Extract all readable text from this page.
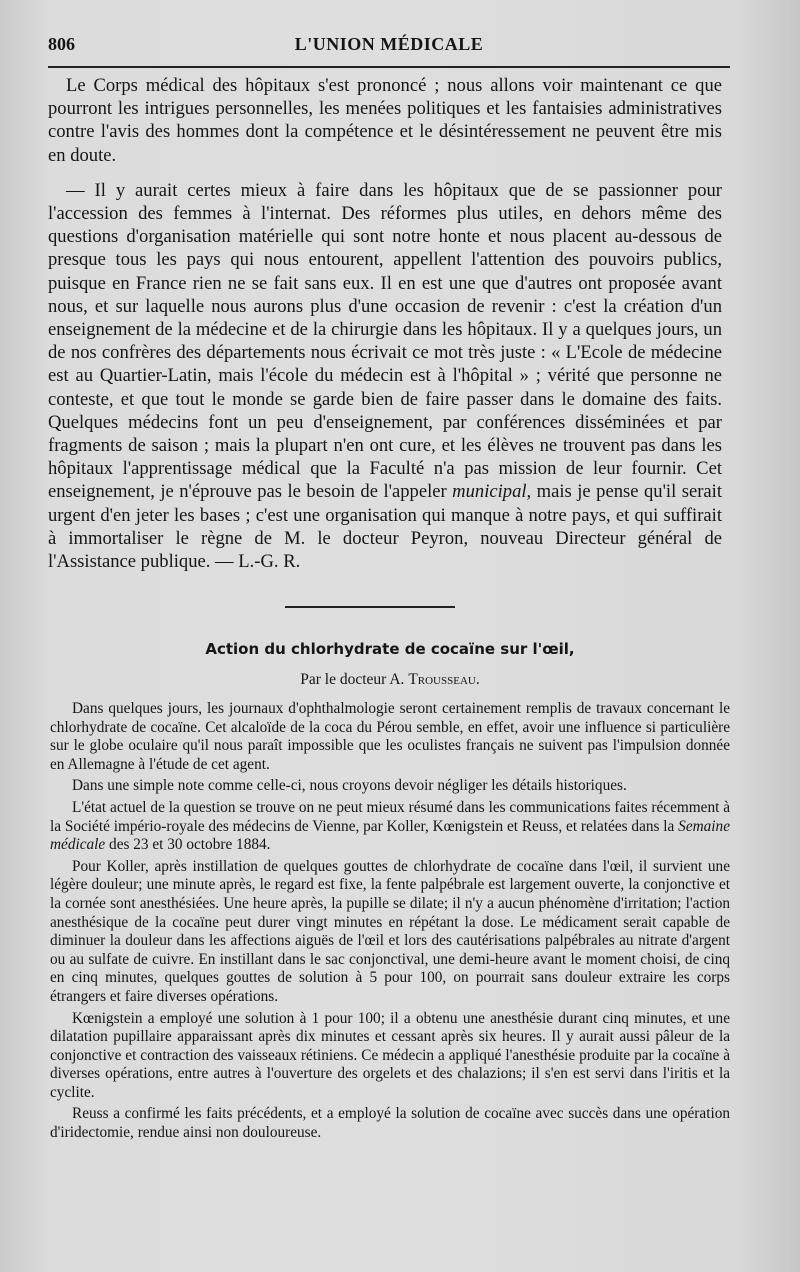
806	L'UNION MÉDICALE

Le Corps médical des hôpitaux s'est prononcé ; nous allons voir maintenant ce que pourront les intrigues personnelles, les menées politiques et les fantaisies administratives contre l'avis des hommes dont la compétence et le désintéressement ne peuvent être mis en doute.

— Il y aurait certes mieux à faire dans les hôpitaux que de se passionner pour l'accession des femmes à l'internat. Des réformes plus utiles, en dehors même des questions d'organisation matérielle qui sont notre honte et nous placent au-dessous de presque tous les pays qui nous entourent, appellent l'attention des pouvoirs publics, puisque en France rien ne se fait sans eux. Il en est une que d'autres ont proposée avant nous, et sur laquelle nous aurons plus d'une occasion de revenir : c'est la création d'un enseignement de la médecine et de la chirurgie dans les hôpitaux. Il y a quelques jours, un de nos confrères des départements nous écrivait ce mot très juste : « L'Ecole de médecine est au Quartier-Latin, mais l'école du médecin est à l'hôpital » ; vérité que personne ne conteste, et que tout le monde se garde bien de faire passer dans le domaine des faits. Quelques médecins font un peu d'enseignement, par conférences disséminées et par fragments de saison ; mais la plupart n'en ont cure, et les élèves ne trouvent pas dans les hôpitaux l'apprentissage médical que la Faculté n'a pas mission de leur fournir. Cet enseignement, je n'éprouve pas le besoin de l'appeler municipal, mais je pense qu'il serait urgent d'en jeter les bases ; c'est une organisation qui manque à notre pays, et qui suffirait à immortaliser le règne de M. le docteur Peyron, nouveau Directeur général de l'Assistance publique. — L.-G. R.

Action du chlorhydrate de cocaïne sur l'œil,

Par le docteur A. Trousseau.

Dans quelques jours, les journaux d'ophthalmologie seront certainement remplis de travaux concernant le chlorhydrate de cocaïne. Cet alcaloïde de la coca du Pérou semble, en effet, avoir une influence si particulière sur le globe oculaire qu'il nous paraît impossible que les oculistes français ne suivent pas l'impulsion donnée en Allemagne à l'étude de cet agent.

Dans une simple note comme celle-ci, nous croyons devoir négliger les détails historiques.

L'état actuel de la question se trouve on ne peut mieux résumé dans les communications faites récemment à la Société império-royale des médecins de Vienne, par Koller, Kœnigstein et Reuss, et relatées dans la Semaine médicale des 23 et 30 octobre 1884.

Pour Koller, après instillation de quelques gouttes de chlorhydrate de cocaïne dans l'œil, il survient une légère douleur; une minute après, le regard est fixe, la fente palpébrale est largement ouverte, la conjonctive et la cornée sont anesthésiées. Une heure après, la pupille se dilate; il n'y a aucun phénomène d'irritation; l'action anesthésique de la cocaïne peut durer vingt minutes en répétant la dose. Le médicament serait capable de diminuer la douleur dans les affections aiguës de l'œil et lors des cautérisations palpébrales au nitrate d'argent ou au sulfate de cuivre. En instillant dans le sac conjonctival, une demi-heure avant le moment choisi, de cinq en cinq minutes, quelques gouttes de solution à 5 pour 100, on pourrait sans douleur extraire les corps étrangers et faire diverses opérations.

Kœnigstein a employé une solution à 1 pour 100; il a obtenu une anesthésie durant cinq minutes, et une dilatation pupillaire apparaissant après dix minutes et cessant après six heures. Il y aurait aussi pâleur de la conjonctive et contraction des vaisseaux rétiniens. Ce médecin a appliqué l'anesthésie produite par la cocaïne à diverses opérations, entre autres à l'ouverture des orgelets et des chalazions; il s'en est servi dans l'iritis et la cyclite.

Reuss a confirmé les faits précédents, et a employé la solution de cocaïne avec succès dans une opération d'iridectomie, rendue ainsi non douloureuse.
